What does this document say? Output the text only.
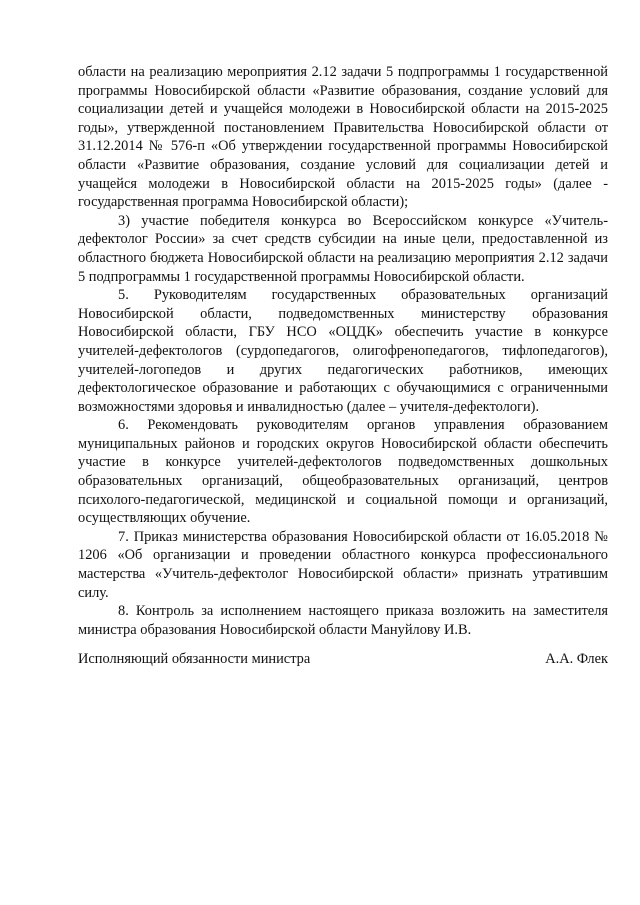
области на реализацию мероприятия 2.12 задачи 5 подпрограммы 1 государственной программы Новосибирской области «Развитие образования, создание условий для социализации детей и учащейся молодежи в Новосибирской области на 2015-2025 годы», утвержденной постановлением Правительства Новосибирской области от 31.12.2014 № 576-п «Об утверждении государственной программы Новосибирской области «Развитие образования, создание условий для социализации детей и учащейся молодежи в Новосибирской области на 2015-2025 годы» (далее - государственная программа Новосибирской области);

3) участие победителя конкурса во Всероссийском конкурсе «Учитель-дефектолог России» за счет средств субсидии на иные цели, предоставленной из областного бюджета Новосибирской области на реализацию мероприятия 2.12 задачи 5 подпрограммы 1 государственной программы Новосибирской области.

5. Руководителям государственных образовательных организаций Новосибирской области, подведомственных министерству образования Новосибирской области, ГБУ НСО «ОЦДК» обеспечить участие в конкурсе учителей-дефектологов (сурдопедагогов, олигофренопедагогов, тифлопедагогов), учителей-логопедов и других педагогических работников, имеющих дефектологическое образование и работающих с обучающимися с ограниченными возможностями здоровья и инвалидностью (далее – учителя-дефектологи).

6. Рекомендовать руководителям органов управления образованием муниципальных районов и городских округов Новосибирской области обеспечить участие в конкурсе учителей-дефектологов подведомственных дошкольных образовательных организаций, общеобразовательных организаций, центров психолого-педагогической, медицинской и социальной помощи и организаций, осуществляющих обучение.

7. Приказ министерства образования Новосибирской области от 16.05.2018 № 1206 «Об организации и проведении областного конкурса профессионального мастерства «Учитель-дефектолог Новосибирской области» признать утратившим силу.

8. Контроль за исполнением настоящего приказа возложить на заместителя министра образования Новосибирской области Мануйлову И.В.

Исполняющий обязанности министра	А.А. Флек
